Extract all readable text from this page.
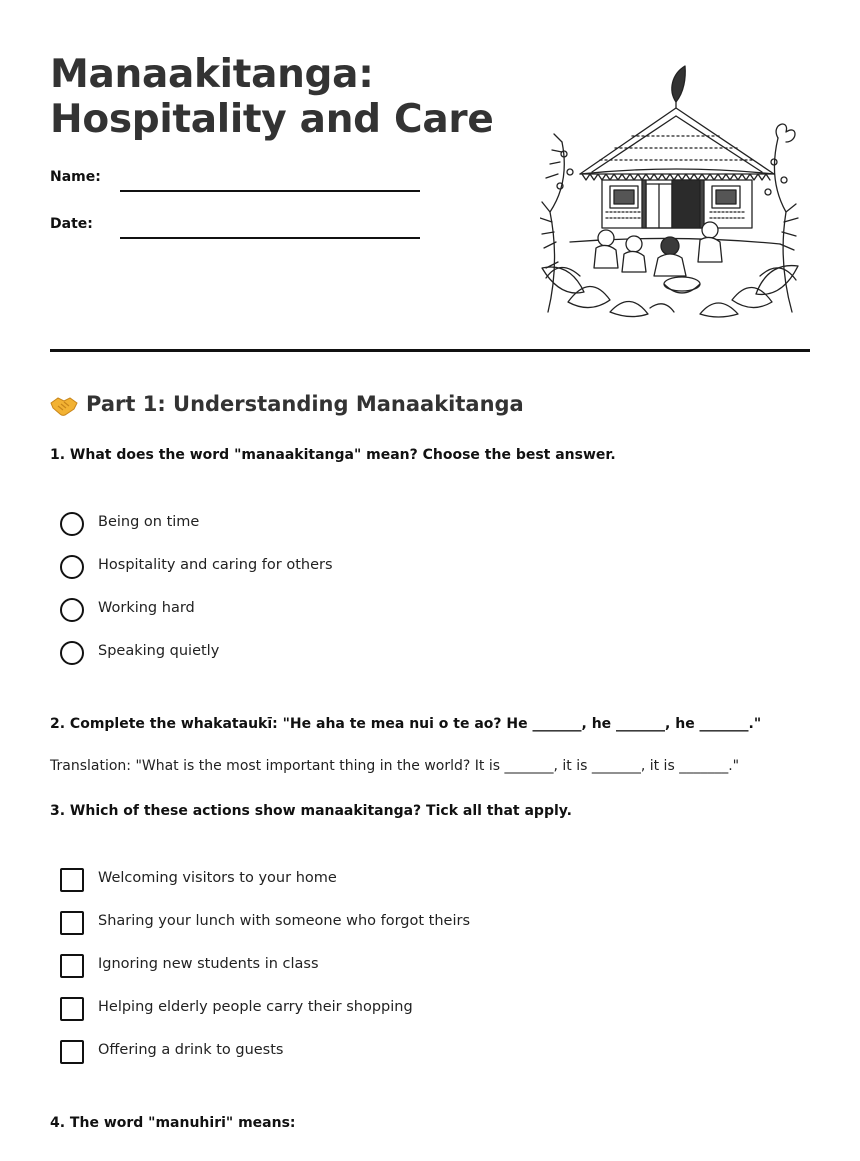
Manaakitanga:
Hospitality and Care
Name:
Date:
Part 1: Understanding Manaakitanga

1. What does the word "manaakitanga" mean? Choose the best answer.

Being on time
Hospitality and caring for others
Working hard
Speaking quietly

2. Complete the whakataukī: "He aha te mea nui o te ao? He _______, he _______, he _______."

Translation: "What is the most important thing in the world? It is _______, it is _______, it is _______."

3. Which of these actions show manaakitanga? Tick all that apply.

Welcoming visitors to your home
Sharing your lunch with someone who forgot theirs
Ignoring new students in class
Helping elderly people carry their shopping
Offering a drink to guests

4. The word "manuhiri" means:
